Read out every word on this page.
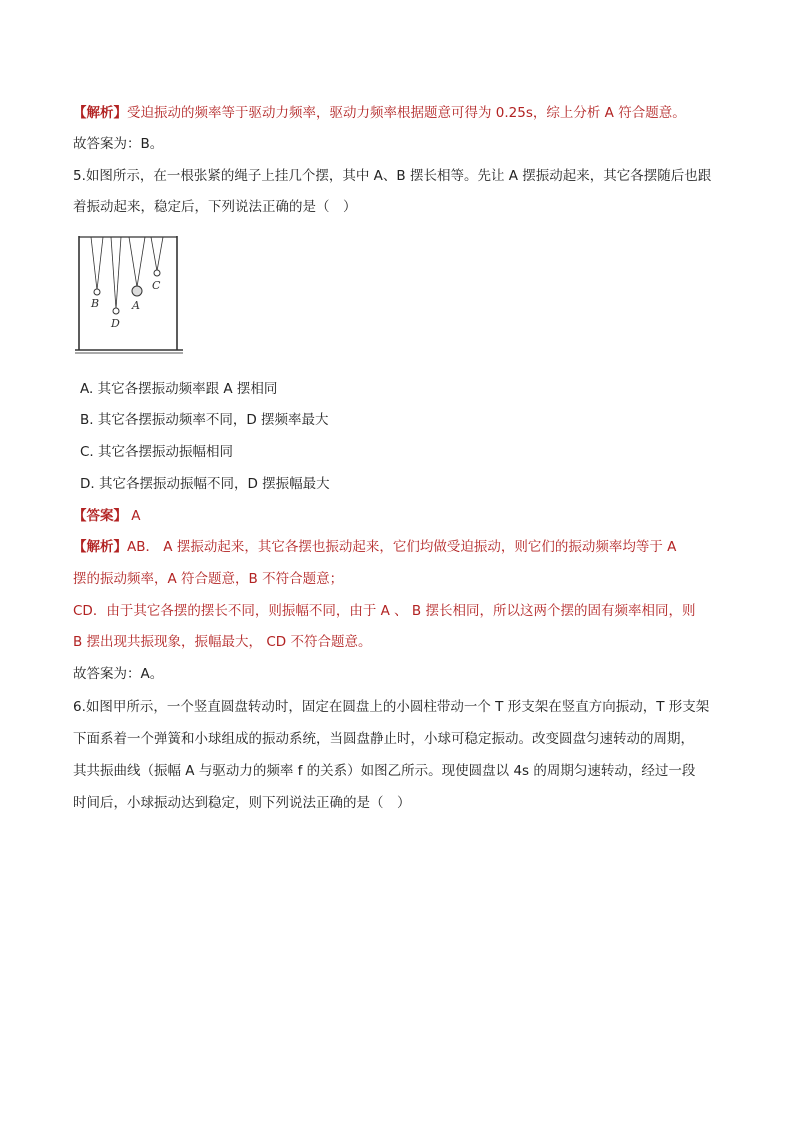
【解析】受迫振动的频率等于驱动力频率，驱动力频率根据题意可得为 0.25s，综上分析 A 符合题意。
故答案为：B。
5.如图所示，在一根张紧的绳子上挂几个摆，其中 A、B 摆长相等。先让 A 摆振动起来，其它各摆随后也跟
着振动起来，稳定后，下列说法正确的是（　）
B
D
A
C
A. 其它各摆振动频率跟 A 摆相同
B. 其它各摆振动频率不同，D 摆频率最大
C. 其它各摆振动振幅相同
D. 其它各摆振动振幅不同，D 摆振幅最大
【答案】 A
【解析】AB． A 摆振动起来，其它各摆也振动起来，它们均做受迫振动，则它们的振动频率均等于 A
摆的振动频率，A 符合题意，B 不符合题意；
CD．由于其它各摆的摆长不同，则振幅不同，由于 A 、 B 摆长相同，所以这两个摆的固有频率相同，则
B 摆出现共振现象，振幅最大， CD 不符合题意。
故答案为：A。
6.如图甲所示，一个竖直圆盘转动时，固定在圆盘上的小圆柱带动一个 T 形支架在竖直方向振动，T 形支架
下面系着一个弹簧和小球组成的振动系统，当圆盘静止时，小球可稳定振动。改变圆盘匀速转动的周期，
其共振曲线（振幅 A 与驱动力的频率 f 的关系）如图乙所示。现使圆盘以 4s 的周期匀速转动，经过一段
时间后，小球振动达到稳定，则下列说法正确的是（　）
